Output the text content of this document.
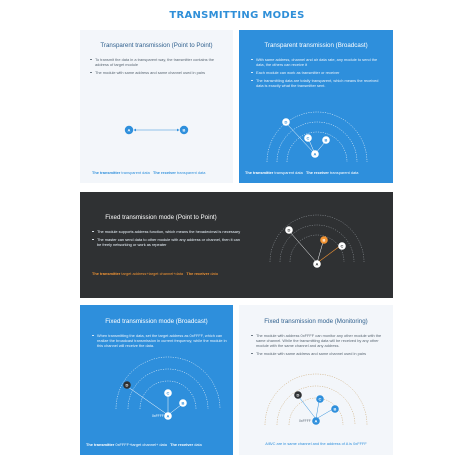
TRANSMITTING MODES
Transparent transmission (Point to Point)
To transmit the data in a transparent way, the transmitter contains the address of target module
The module with same address and same channel used in pairs
A	B
The transmitter transparent data The receiver transparent data
Transparent transmission (Broadcast)
With same address, channel and air data rate, any module to send the data, the others can receive it
Each module can work as transmitter or receiver
The transmitting data are totally transparent, which means the received data is exactly what the transmitter sent.
D
C	B
A
The transmitter transparent data The receiver transparent data
Fixed transmission mode (Point to Point)
The module supports address function, which means the hexadecimal is necessary
The master can send data to other module with any address or channel, then it can be freely networking or work as repeater
D
B
C
A
The transmitter target address+target channel+data The receiver data
Fixed transmission mode (Broadcast)
When transmitting the data, set the target address as 0xFFFF, which can realize the broadcast transmission in current frequency, while the module in this channel will receive the data.
D
C
B
A
0xFFFF
The transmitter 0xFFFF+target channel+ data The receiver data
Fixed transmission mode (Monitoring)
The module with address 0xFFFF can monitor any other module with the same channel. While the transmitting data will be received by any other module with the same channel and any address.
The module with same address and same channel used in pairs
D
C
B
A
0xFFFF
A/B/C are in same channel and the address of A is 0xFFFF
